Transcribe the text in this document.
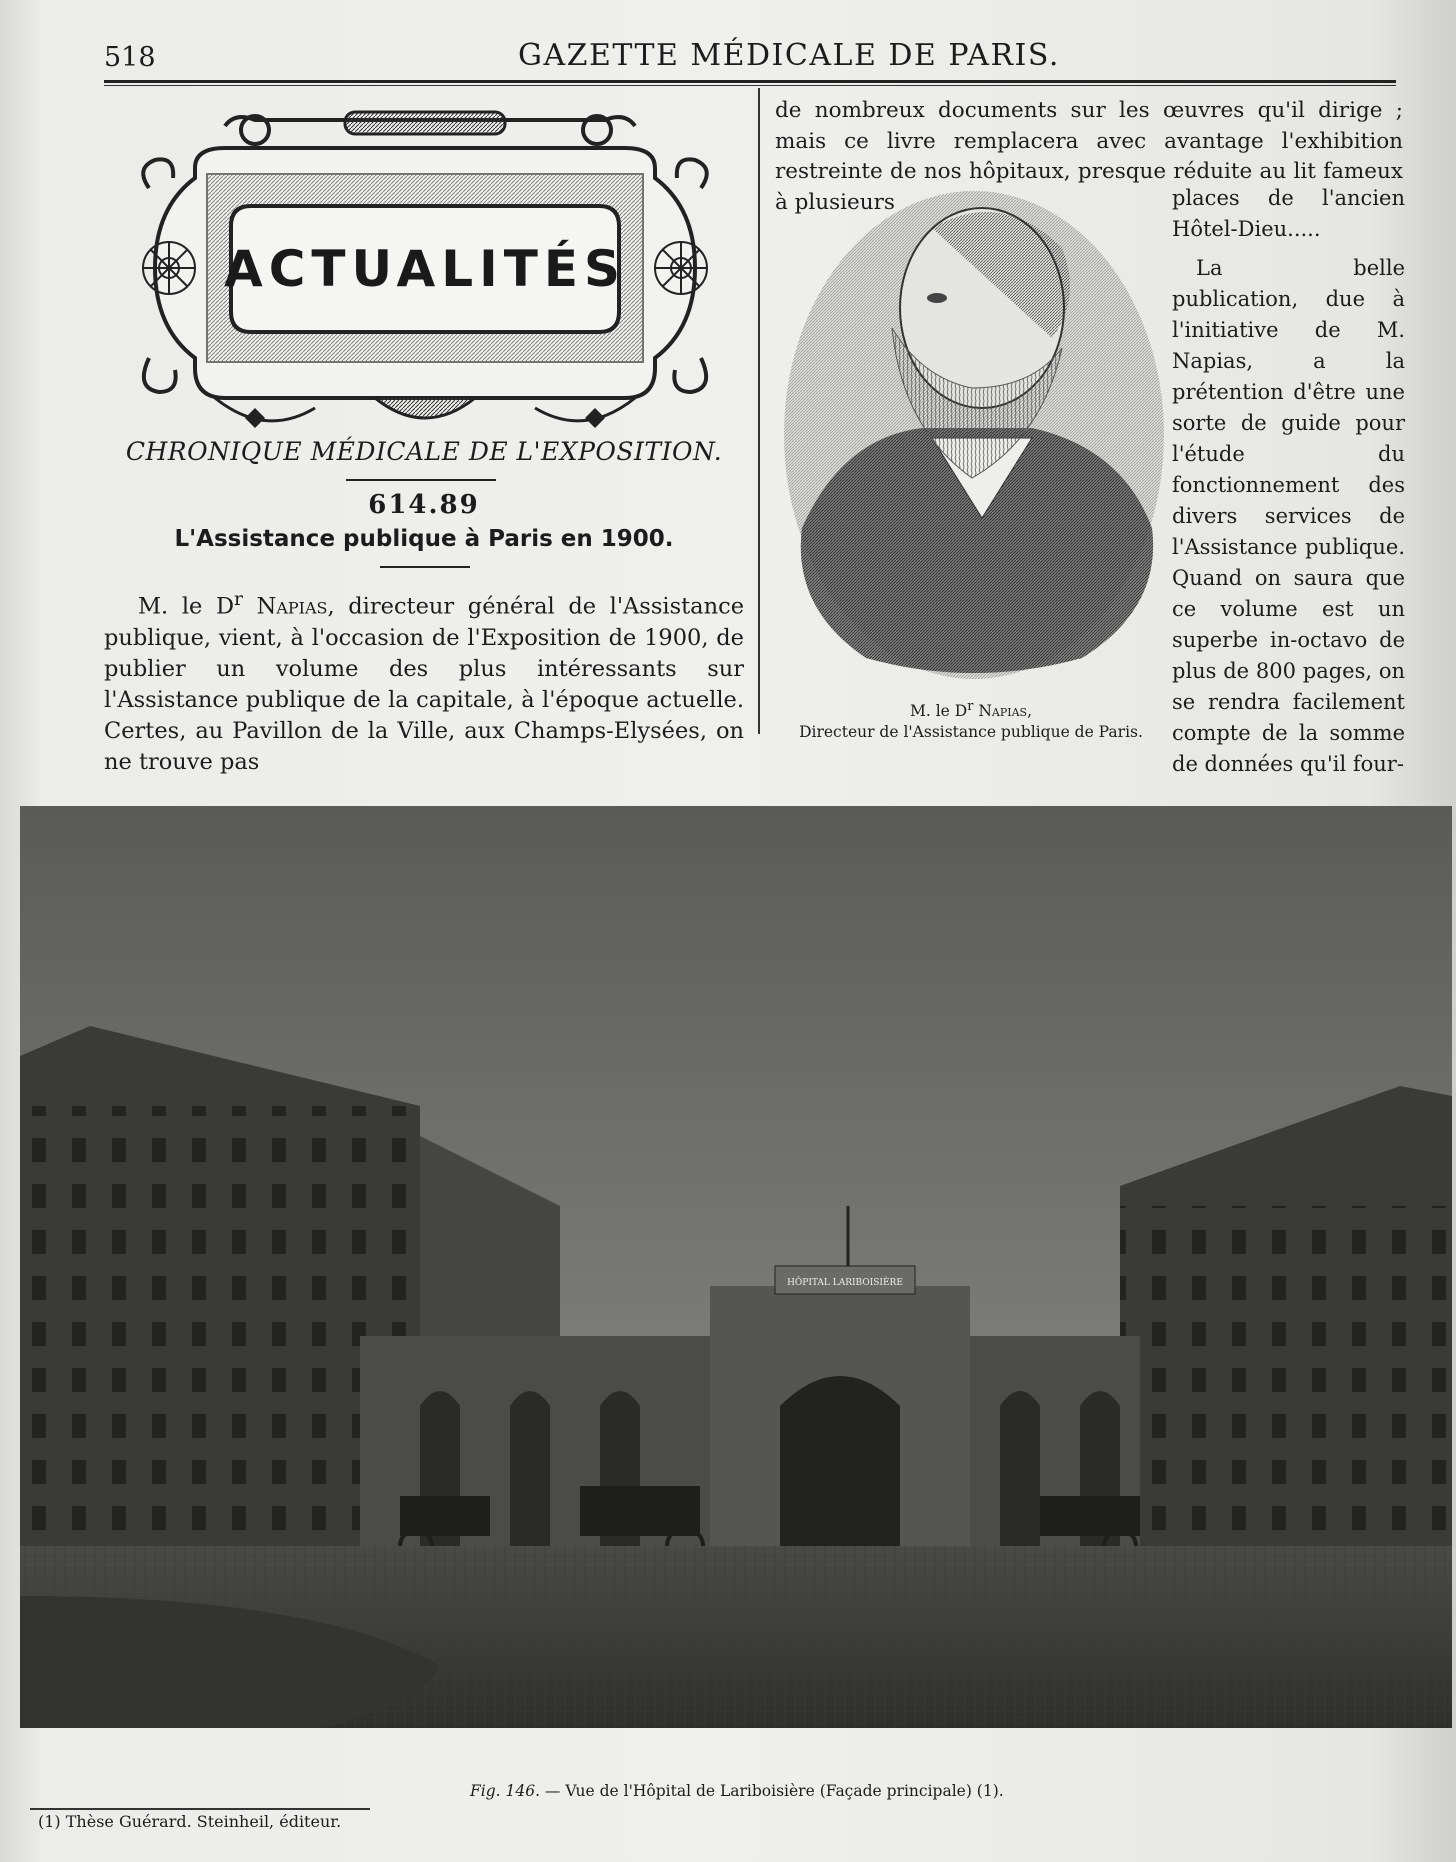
518	GAZETTE MÉDICALE DE PARIS.
ACTUALITÉS
CHRONIQUE MÉDICALE DE L'EXPOSITION.
614.89
L'Assistance publique à Paris en 1900.
M. le $D^r$ Napias, directeur général de l'Assistance publique, vient, à l'occasion de l'Exposition de 1900, de publier un volume des plus intéressants sur l'Assistance publique de la capitale, à l'époque actuelle. Certes, au Pavillon de la Ville, aux Champs-Elysées, on ne trouve pas
de nombreux documents sur les œuvres qu'il dirige ; mais ce livre remplacera avec avantage l'exhibition restreinte de nos hôpitaux, presque réduite au lit fameux à plusieurs	places de l'ancien Hôtel-Dieu.....

La belle publication, due à l'initiative de M. Napias, a la prétention d'être une sorte de guide pour l'étude du fonctionnement des divers services de l'Assistance publique. Quand on saura que ce volume est un superbe in-octavo de plus de 800 pages, on se rendra facilement compte de la somme de données qu'il four-

M. le $D^r$ Napias,
Directeur de l'Assistance publique de Paris.
HÔPITAL LARIBOISIÈRE
Fig. 146. — Vue de l'Hôpital de Lariboisière (Façade principale) (1).
(1) Thèse Guérard. Steinheil, éditeur.
